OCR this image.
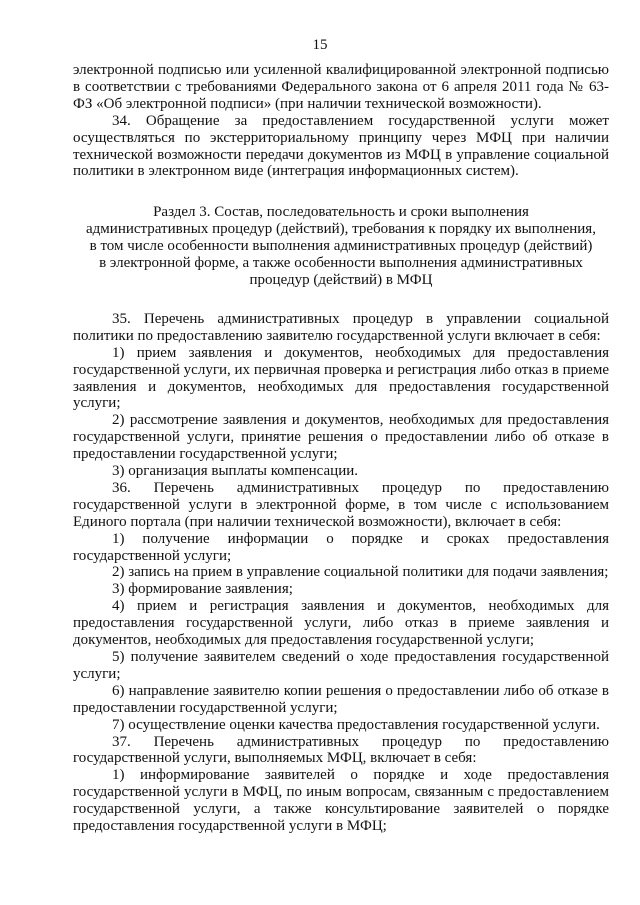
15

электронной подписью или усиленной квалифицированной электронной подписью в соответствии с требованиями Федерального закона от 6 апреля 2011 года № 63-ФЗ «Об электронной подписи» (при наличии технической возможности).

34. Обращение за предоставлением государственной услуги может осуществляться по экстерриториальному принципу через МФЦ при наличии технической возможности передачи документов из МФЦ в управление социальной политики в электронном виде (интеграция информационных систем).

Раздел 3. Состав, последовательность и сроки выполнения
административных процедур (действий), требования к порядку их выполнения,
в том числе особенности выполнения административных процедур (действий)
в электронной форме, а также особенности выполнения административных
процедур (действий) в МФЦ

35. Перечень административных процедур в управлении социальной политики по предоставлению заявителю государственной услуги включает в себя:

1) прием заявления и документов, необходимых для предоставления государственной услуги, их первичная проверка и регистрация либо отказ в приеме заявления и документов, необходимых для предоставления государственной услуги;

2) рассмотрение заявления и документов, необходимых для предоставления государственной услуги, принятие решения о предоставлении либо об отказе в предоставлении государственной услуги;

3) организация выплаты компенсации.

36. Перечень административных процедур по предоставлению государственной услуги в электронной форме, в том числе с использованием Единого портала (при наличии технической возможности), включает в себя:

1) получение информации о порядке и сроках предоставления государственной услуги;

2) запись на прием в управление социальной политики для подачи заявления;

3) формирование заявления;

4) прием и регистрация заявления и документов, необходимых для предоставления государственной услуги, либо отказ в приеме заявления и документов, необходимых для предоставления государственной услуги;

5) получение заявителем сведений о ходе предоставления государственной услуги;

6) направление заявителю копии решения о предоставлении либо об отказе в предоставлении государственной услуги;

7) осуществление оценки качества предоставления государственной услуги.

37. Перечень административных процедур по предоставлению государственной услуги, выполняемых МФЦ, включает в себя:

1) информирование заявителей о порядке и ходе предоставления государственной услуги в МФЦ, по иным вопросам, связанным с предоставлением государственной услуги, а также консультирование заявителей о порядке предоставления государственной услуги в МФЦ;
